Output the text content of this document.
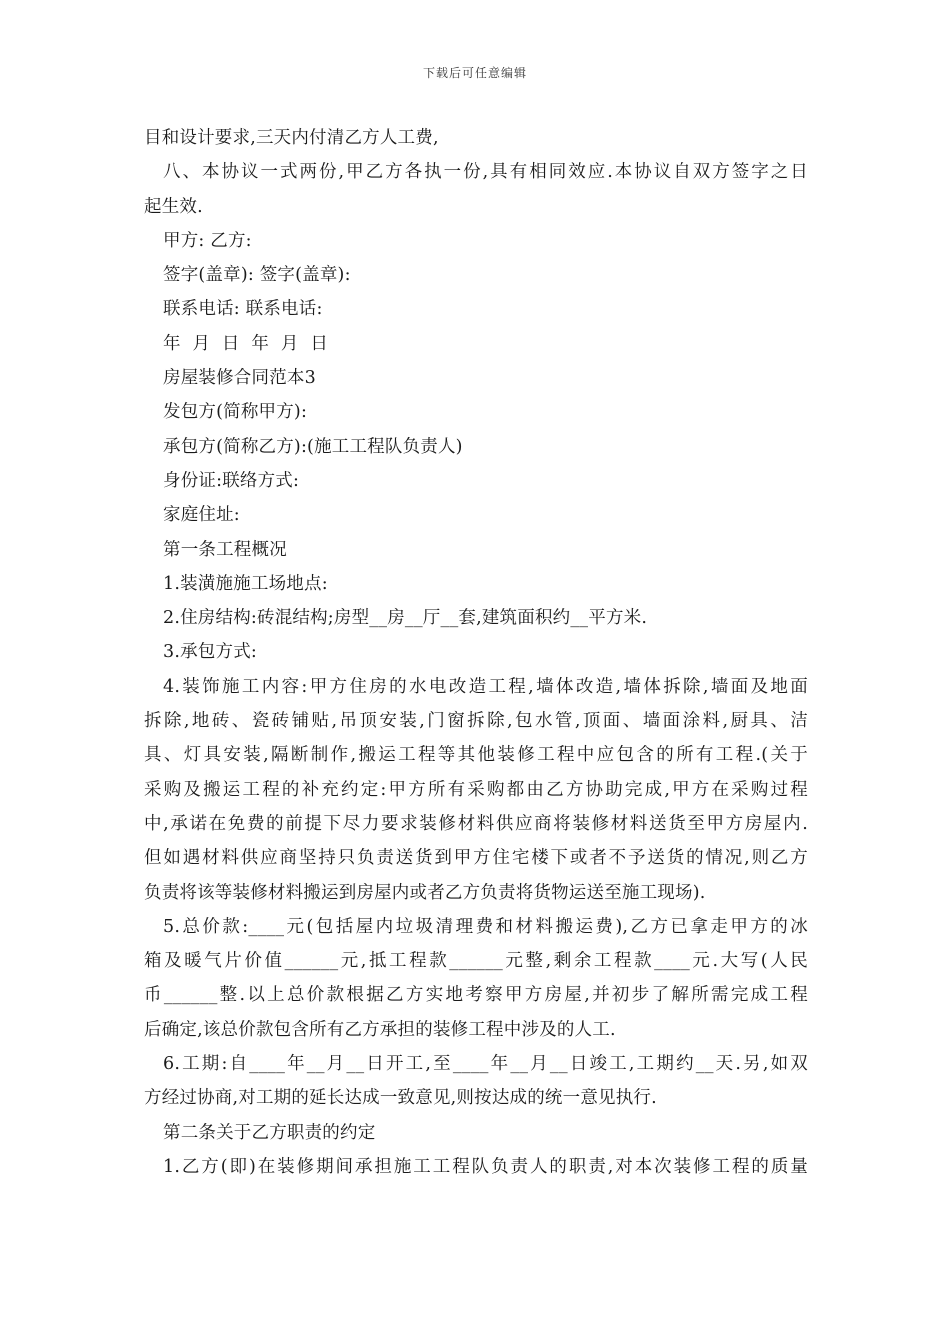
下载后可任意编辑
目和设计要求,三天内付清乙方人工费,
八、本协议一式两份,甲乙方各执一份,具有相同效应.本协议自双方签字之日
起生效.
甲方: 乙方:
签字(盖章): 签字(盖章):
联系电话: 联系电话:
年 月 日 年 月 日
房屋装修合同范本3
发包方(简称甲方):
承包方(简称乙方):(施工工程队负责人)
身份证:联络方式:
家庭住址:
第一条工程概况
1.装潢施施工场地点:
2.住房结构:砖混结构;房型__房__厅__套,建筑面积约__平方米.
3.承包方式:
4.装饰施工内容:甲方住房的水电改造工程,墙体改造,墙体拆除,墙面及地面
拆除,地砖、瓷砖铺贴,吊顶安装,门窗拆除,包水管,顶面、墙面涂料,厨具、洁
具、灯具安装,隔断制作,搬运工程等其他装修工程中应包含的所有工程.(关于
采购及搬运工程的补充约定:甲方所有采购都由乙方协助完成,甲方在采购过程
中,承诺在免费的前提下尽力要求装修材料供应商将装修材料送货至甲方房屋内.
但如遇材料供应商坚持只负责送货到甲方住宅楼下或者不予送货的情况,则乙方
负责将该等装修材料搬运到房屋内或者乙方负责将货物运送至施工现场).
5.总价款:____元(包括屋内垃圾清理费和材料搬运费),乙方已拿走甲方的冰
箱及暖气片价值______元,抵工程款______元整,剩余工程款____元.大写(人民
币______整.以上总价款根据乙方实地考察甲方房屋,并初步了解所需完成工程
后确定,该总价款包含所有乙方承担的装修工程中涉及的人工.
6.工期:自____年__月__日开工,至____年__月__日竣工,工期约__天.另,如双
方经过协商,对工期的延长达成一致意见,则按达成的统一意见执行.
第二条关于乙方职责的约定
1.乙方(即)在装修期间承担施工工程队负责人的职责,对本次装修工程的质量
